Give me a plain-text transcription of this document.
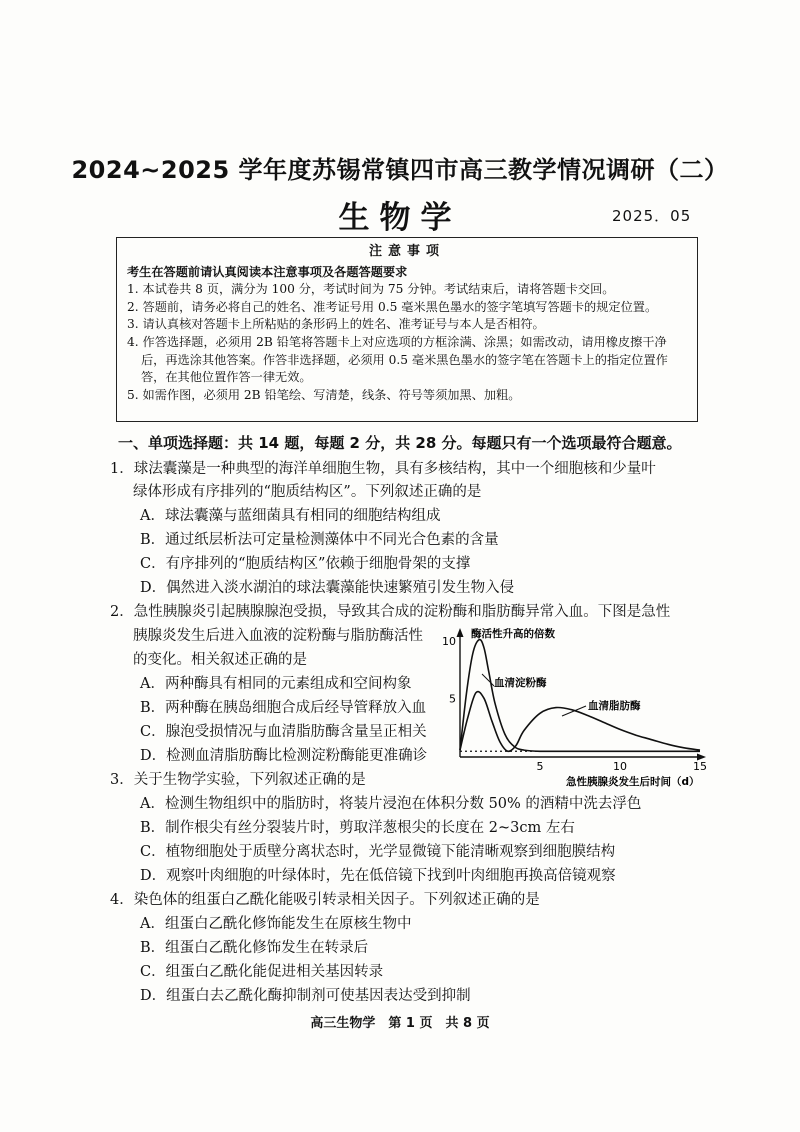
2024~2025 学年度苏锡常镇四市高三教学情况调研（二）
生物学	2025．05
注意事项
考生在答题前请认真阅读本注意事项及各题答题要求
1. 本试卷共 8 页，满分为 100 分，考试时间为 75 分钟。考试结束后，请将答题卡交回。
2. 答题前，请务必将自己的姓名、准考证号用 0.5 毫米黑色墨水的签字笔填写答题卡的规定位置。
3. 请认真核对答题卡上所粘贴的条形码上的姓名、准考证号与本人是否相符。
4. 作答选择题，必须用 2B 铅笔将答题卡上对应选项的方框涂满、涂黑；如需改动，请用橡皮擦干净后，再选涂其他答案。作答非选择题，必须用 0.5 毫米黑色墨水的签字笔在答题卡上的指定位置作答，在其他位置作答一律无效。
5. 如需作图，必须用 2B 铅笔绘、写清楚，线条、符号等须加黑、加粗。
一、单项选择题：共 14 题，每题 2 分，共 28 分。每题只有一个选项最符合题意。
1．球法囊藻是一种典型的海洋单细胞生物，具有多核结构，其中一个细胞核和少量叶
绿体形成有序排列的“胞质结构区”。下列叙述正确的是
A．球法囊藻与蓝细菌具有相同的细胞结构组成
B．通过纸层析法可定量检测藻体中不同光合色素的含量
C．有序排列的“胞质结构区”依赖于细胞骨架的支撑
D．偶然进入淡水湖泊的球法囊藻能快速繁殖引发生物入侵
2．急性胰腺炎引起胰腺腺泡受损，导致其合成的淀粉酶和脂肪酶异常入血。下图是急性
胰腺炎发生后进入血液的淀粉酶与脂肪酶活性
的变化。相关叙述正确的是
A．两种酶具有相同的元素组成和空间构象
B．两种酶在胰岛细胞合成后经导管释放入血
C．腺泡受损情况与血清脂肪酶含量呈正相关
D．检测血清脂肪酶比检测淀粉酶能更准确诊
酶活性升高的倍数
急性胰腺炎发生后时间（d）
5	10	15
5
10
血清淀粉酶
血清脂肪酶
3．关于生物学实验，下列叙述正确的是
A．检测生物组织中的脂肪时，将装片浸泡在体积分数 50% 的酒精中洗去浮色
B．制作根尖有丝分裂装片时，剪取洋葱根尖的长度在 2~3cm 左右
C．植物细胞处于质壁分离状态时，光学显微镜下能清晰观察到细胞膜结构
D．观察叶肉细胞的叶绿体时，先在低倍镜下找到叶肉细胞再换高倍镜观察
4．染色体的组蛋白乙酰化能吸引转录相关因子。下列叙述正确的是
A．组蛋白乙酰化修饰能发生在原核生物中
B．组蛋白乙酰化修饰发生在转录后
C．组蛋白乙酰化能促进相关基因转录
D．组蛋白去乙酰化酶抑制剂可使基因表达受到抑制
高三生物学　第 1 页　共 8 页
